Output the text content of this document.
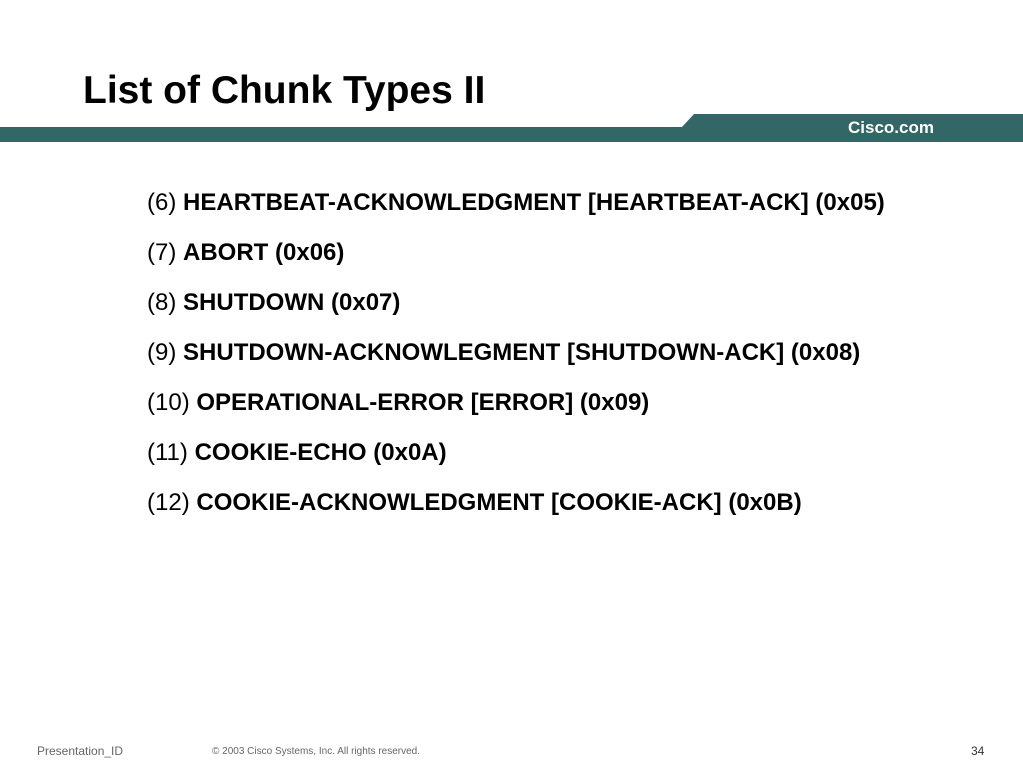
List of Chunk Types II
Cisco.com
(6) HEARTBEAT-ACKNOWLEDGMENT [HEARTBEAT-ACK] (0x05)
(7) ABORT (0x06)
(8) SHUTDOWN (0x07)
(9) SHUTDOWN-ACKNOWLEGMENT [SHUTDOWN-ACK] (0x08)
(10) OPERATIONAL-ERROR [ERROR] (0x09)
(11) COOKIE-ECHO (0x0A)
(12) COOKIE-ACKNOWLEDGMENT [COOKIE-ACK] (0x0B)
Presentation_ID	© 2003 Cisco Systems, Inc. All rights reserved.	34
